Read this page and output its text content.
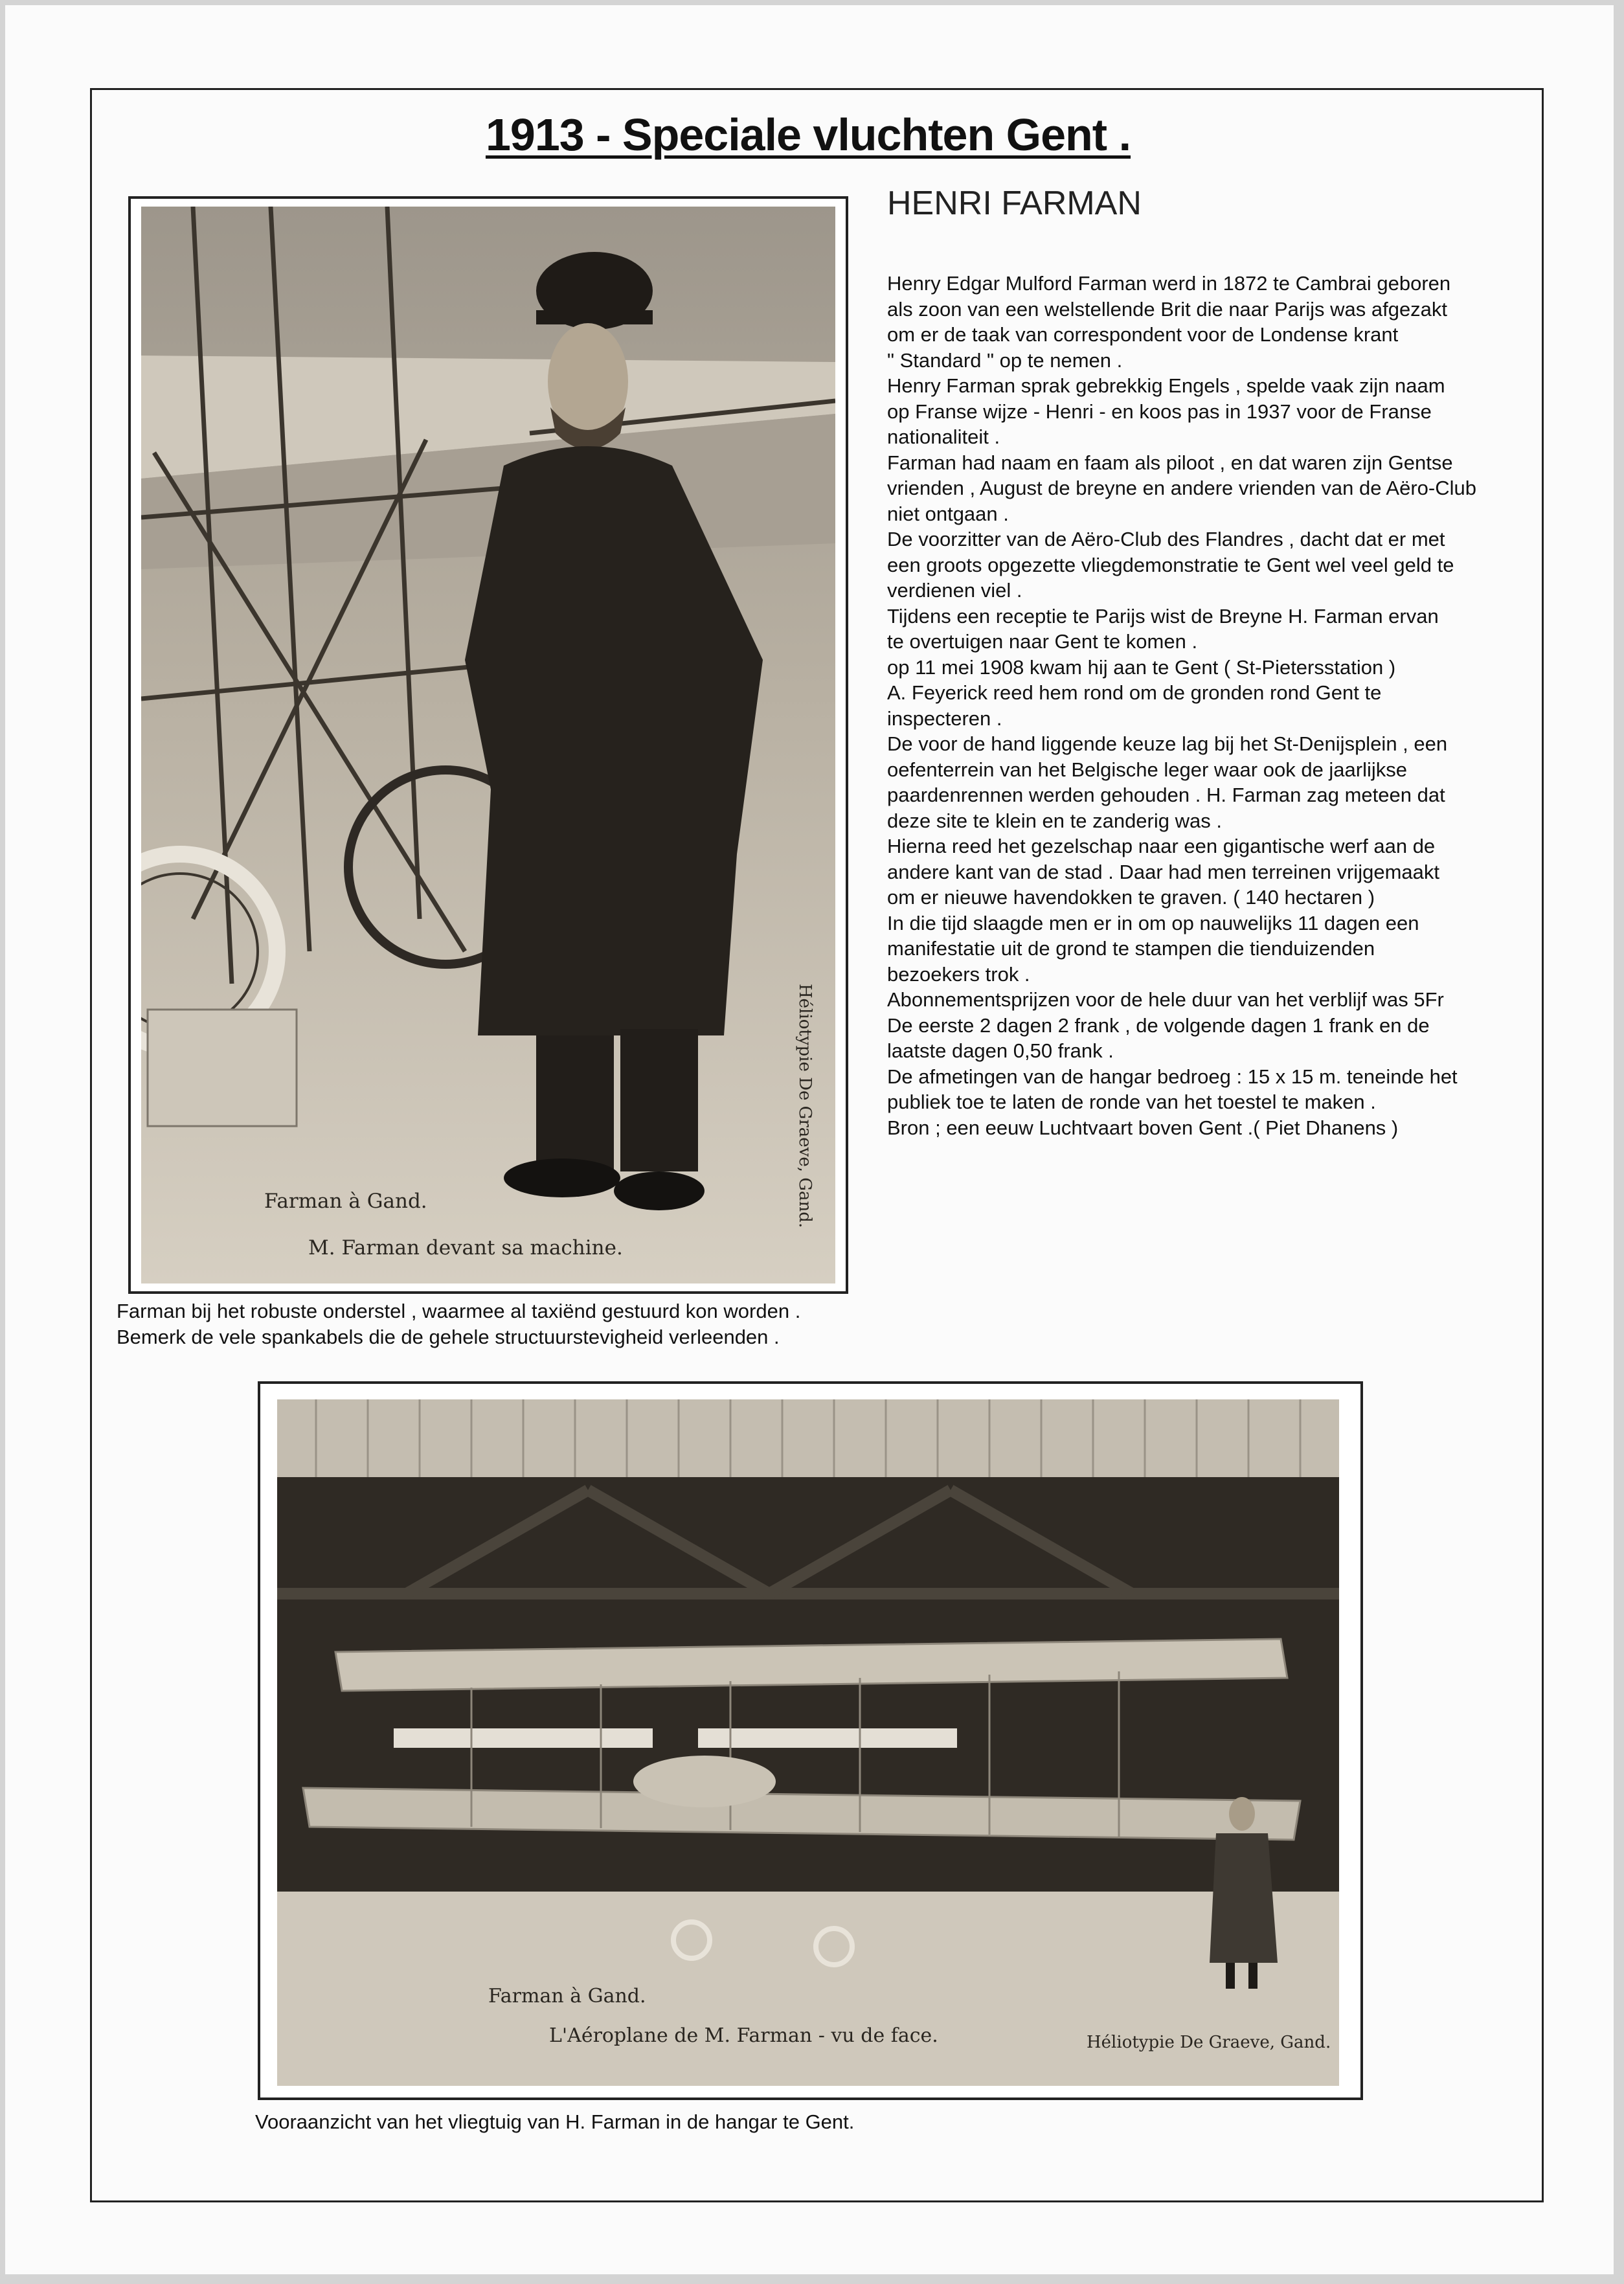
1913 - Speciale vluchten Gent .
Farman à Gand.
M. Farman devant sa machine.
Héliotypie De Graeve, Gand.
Farman bij het robuste onderstel , waarmee al taxiënd gestuurd kon worden .
Bemerk de vele spankabels die de gehele structuurstevigheid verleenden .
HENRI FARMAN
Henry Edgar Mulford Farman werd in 1872 te Cambrai geboren
als zoon van een welstellende Brit die naar Parijs was afgezakt
om er de taak van correspondent voor de Londense krant
" Standard " op te nemen .
Henry Farman sprak gebrekkig Engels , spelde vaak zijn naam
op Franse wijze - Henri - en koos pas in 1937 voor de Franse
nationaliteit .
Farman had naam en faam als piloot , en dat waren zijn Gentse
vrienden , August de breyne en andere vrienden van de Aëro-Club
niet ontgaan .
De voorzitter van de Aëro-Club des Flandres , dacht dat er met
een groots opgezette vliegdemonstratie te Gent wel veel geld te
verdienen viel .
Tijdens een receptie te Parijs wist de Breyne H. Farman ervan
te overtuigen naar Gent te komen .
op 11 mei 1908 kwam hij aan te Gent ( St-Pietersstation )
A. Feyerick reed hem rond om de gronden rond Gent te
inspecteren .
De voor de hand liggende keuze lag bij het St-Denijsplein , een
oefenterrein van het Belgische leger waar ook de jaarlijkse
paardenrennen werden gehouden . H. Farman zag meteen dat
deze site te klein en te zanderig was .
Hierna reed het gezelschap naar een gigantische werf aan de
andere kant van de stad . Daar had men terreinen vrijgemaakt
om er nieuwe havendokken te graven. ( 140 hectaren )
In die tijd slaagde men er in om op nauwelijks 11 dagen een
manifestatie uit de grond te stampen die tienduizenden
bezoekers trok .
Abonnementsprijzen voor de hele duur van het verblijf was 5Fr
De eerste 2 dagen 2 frank , de volgende dagen 1 frank en de
laatste dagen 0,50 frank .
De afmetingen van de hangar bedroeg : 15 x 15 m. teneinde het
publiek toe te laten de ronde van het toestel te maken .
Bron ; een eeuw Luchtvaart boven Gent .( Piet Dhanens )
Farman à Gand.
L'Aéroplane de M. Farman - vu de face.	Héliotypie De Graeve, Gand.
Vooraanzicht van het vliegtuig van H. Farman in de hangar te Gent.
